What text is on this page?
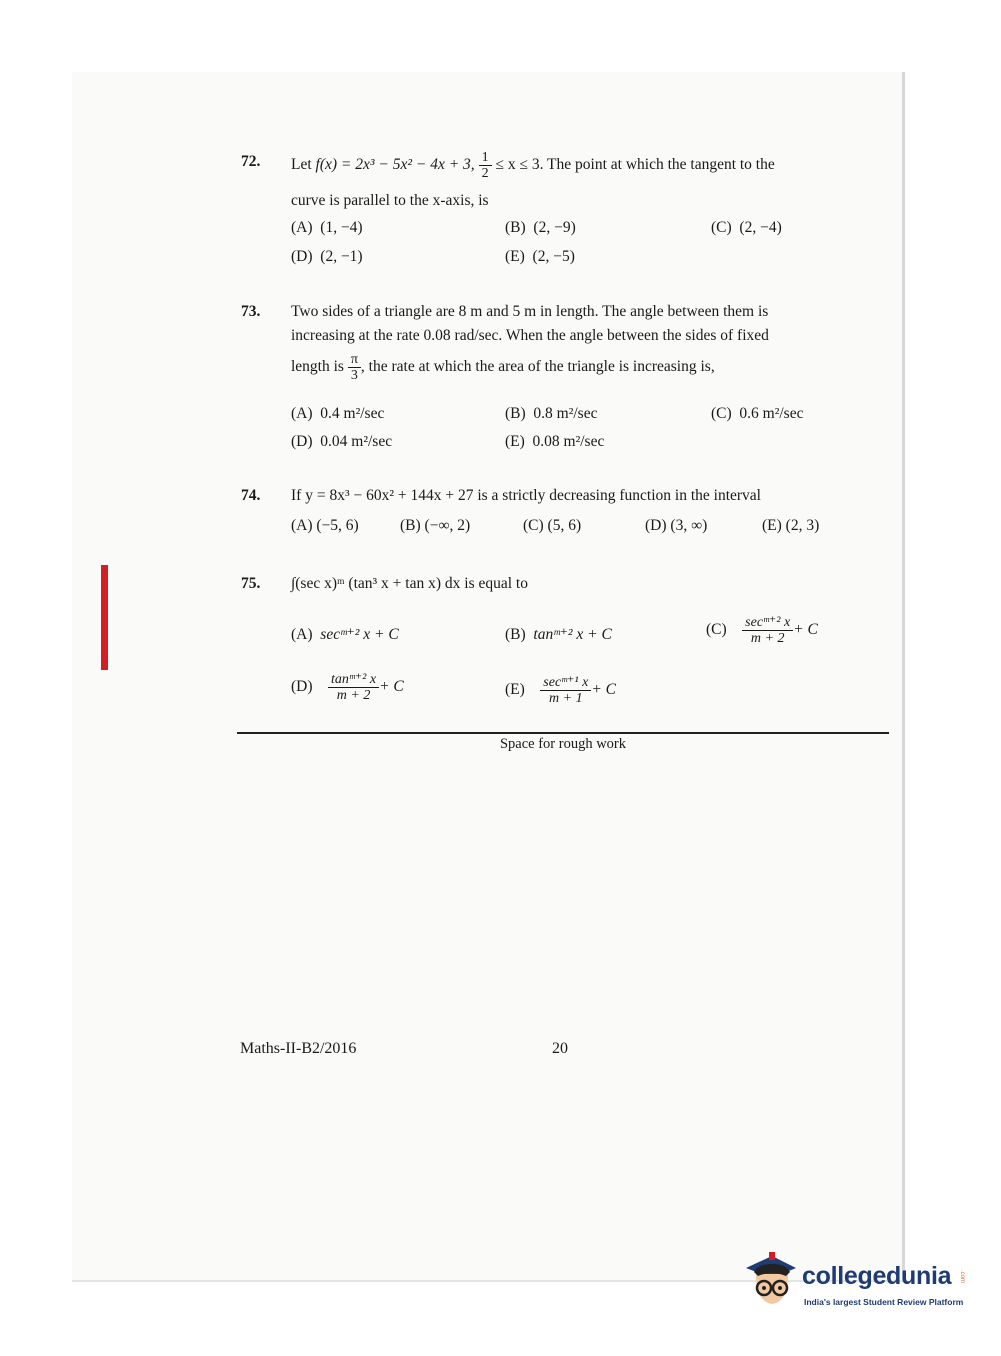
72.	Let f(x) = 2x³ − 5x² − 4x + 3, $\frac{1}{2} \le x \le 3$. The point at which the tangent to the
curve is parallel to the x-axis, is
(A) (1, −4)	(B) (2, −9)	(C) (2, −4)
(D) (2, −1)	(E) (2, −5)
73.	Two sides of a triangle are 8 m and 5 m in length. The angle between them is
increasing at the rate 0.08 rad/sec. When the angle between the sides of fixed
length is $\frac{\pi}{3}$ , the rate at which the area of the triangle is increasing is,
(A) 0.4 m²/sec	(B) 0.8 m²/sec	(C) 0.6 m²/sec
(D) 0.04 m²/sec	(E) 0.08 m²/sec
74.	If y = 8x³ − 60x² + 144x + 27 is a strictly decreasing function in the interval
(A) (−5, 6)	(B) (−∞, 2)	(C) (5, 6)	(D) (3, ∞)	(E) (2, 3)
75.	∫(sec x)ᵐ (tan³ x + tan x) dx is equal to
(A) secᵐ⁺² x + C	(B) tanᵐ⁺² x + C	$(C) \frac{\text{secᵐ⁺² x}}{m + 2} + C$
$(D) \frac{\text{tanᵐ⁺² x}}{m + 2} + C$	$(E) \frac{\text{secᵐ⁺¹ x}}{m + 1} + C$
Space for rough work
Maths-II-B2/2016	20
collegedunia .com
India's largest Student Review Platform
